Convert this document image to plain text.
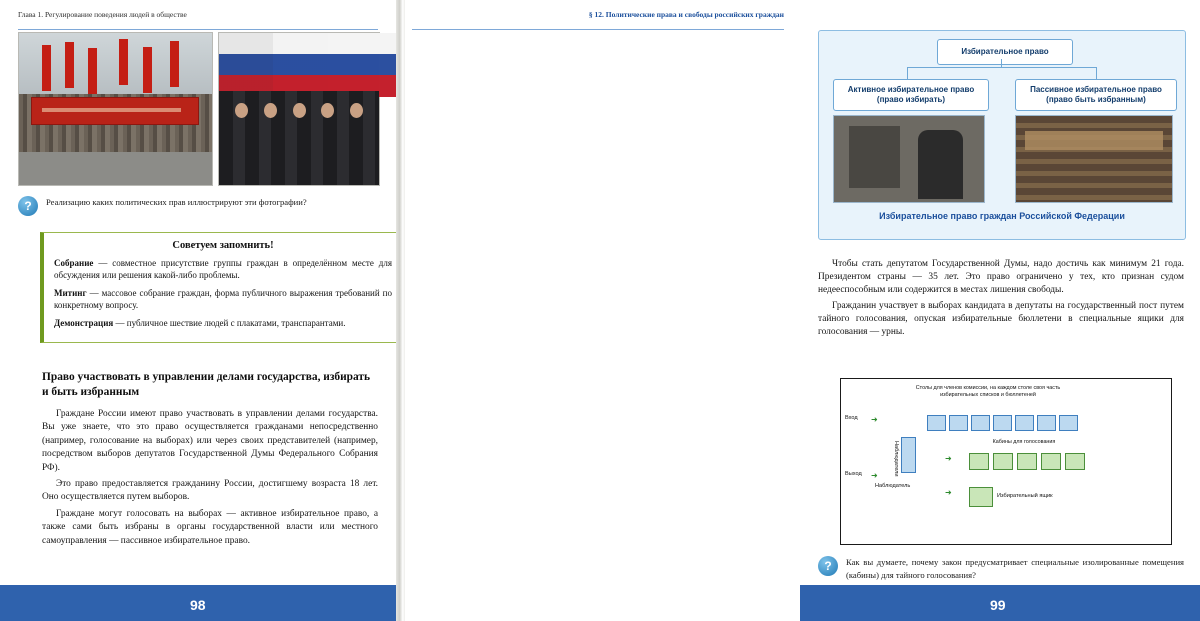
Глава 1. Регулирование поведения людей в обществе
?	Реализацию каких политических прав иллюстрируют эти фотографии?
Советуем запомнить!

Собрание — совместное присутствие группы граждан в определённом месте для обсуждения или решения какой-либо проблемы.

Митинг — массовое собрание граждан, форма публичного выражения требований по конкретному вопросу.

Демонстрация — публичное шествие людей с плакатами, транспарантами.

Право участвовать в управлении делами государства, избирать и быть избранным

Граждане России имеют право участвовать в управлении делами государства. Вы уже знаете, что это право осуществляется гражданами непосредственно (например, голосование на выборах) или через своих представителей (например, посредством выборов депутатов Государственной Думы Федерального Собрания РФ).

Это право предоставляется гражданину России, достигшему возраста 18 лет. Оно осуществляется путем выборов.

Граждане могут голосовать на выборах — активное избирательное право, а также сами быть избраны в органы государственной власти или местного самоуправления — пассивное избирательное право.

98
§ 12. Политические права и свободы российских граждан
Избирательное право
Активное избирательное право (право избирать)
Пассивное избирательное право (право быть избранным)
Избирательное право граждан Российской Федерации

Чтобы стать депутатом Государственной Думы, надо достичь как минимум 21 года. Президентом страны — 35 лет. Это право ограничено у тех, кто признан судом недееспособным или содержится в местах лишения свободы.

Гражданин участвует в выборах кандидата в депутаты на государственный пост путем тайного голосования, опуская избирательные бюллетени в специальные ящики для голосования — урны.

Столы для членов комиссии, на каждом столе своя часть избирательных списков и бюллетеней
Вход ➜
Выход ➜	Наблюдатели	Кабины для голосования
➜
➜	Избирательный ящик
Наблюдатель
?	Как вы думаете, почему закон предусматривает специальные изолированные помещения (кабины) для тайного голосования?
99
Лабиринт
